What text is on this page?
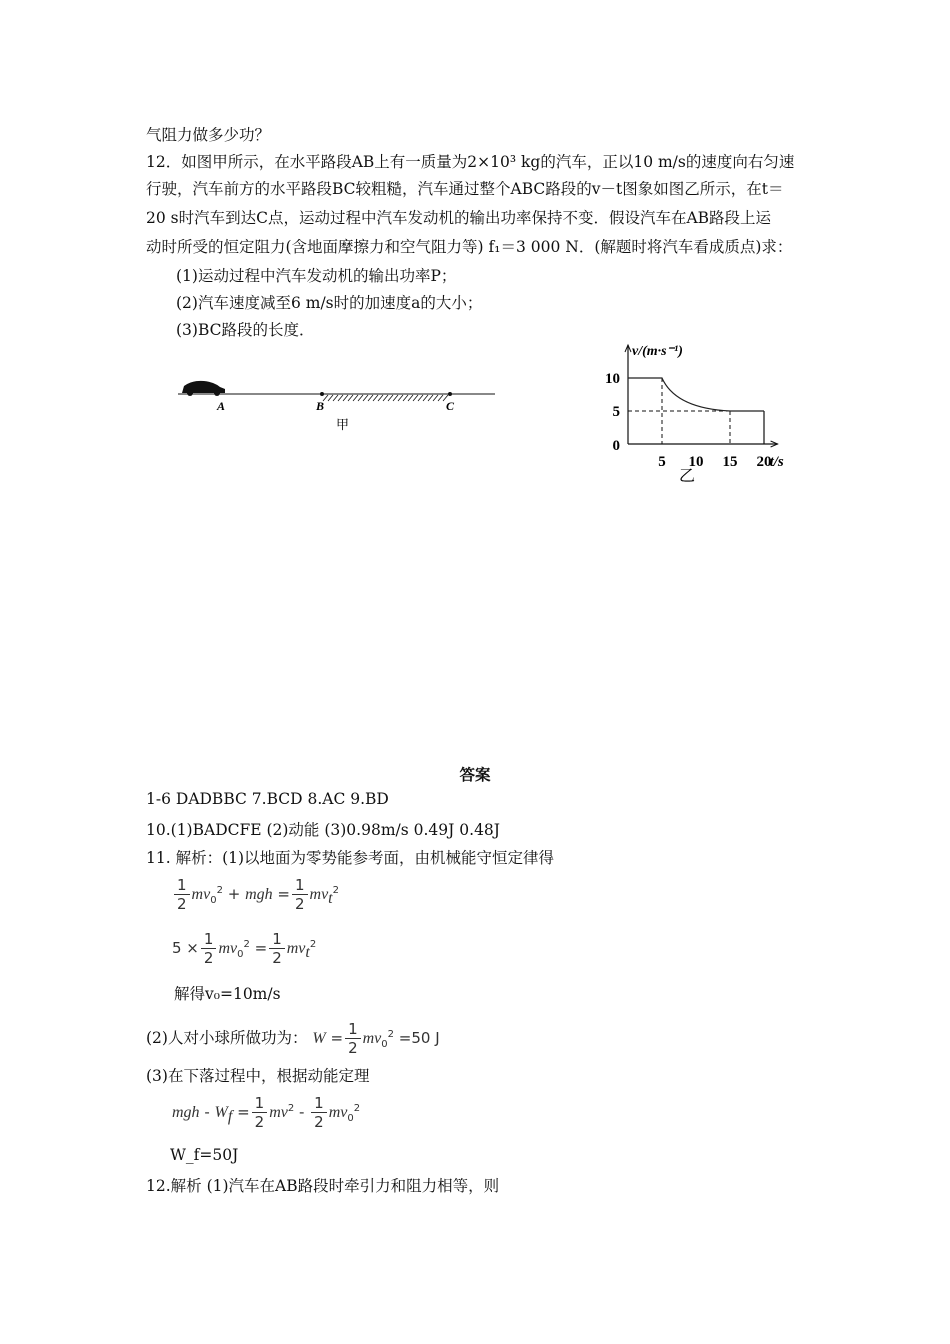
气阻力做多少功？
12．如图甲所示，在水平路段AB上有一质量为2×10³ kg的汽车，正以10 m/s的速度向右匀速
行驶，汽车前方的水平路段BC较粗糙，汽车通过整个ABC路段的v－t图象如图乙所示，在t＝
20 s时汽车到达C点，运动过程中汽车发动机的输出功率保持不变．假设汽车在AB路段上运
动时所受的恒定阻力(含地面摩擦力和空气阻力等) f₁＝3 000 N．(解题时将汽车看成质点)求：
(1)运动过程中汽车发动机的输出功率P；
(2)汽车速度减至6 m/s时的加速度a的大小；
(3)BC路段的长度．
A	B	C
甲
v/(m·s⁻¹)
t/s
5 10 15 20
0
5
10
乙
答案
1-6 DADBBC 7.BCD 8.AC 9.BD
10.(1)BADCFE (2)动能 (3)0.98m/s 0.49J 0.48J
11. 解析：(1)以地面为零势能参考面，由机械能守恒定律得
$\frac{1}{2} mv_0^2$ + mgh = $\frac{1}{2} mv_t^2$
$5 \times \frac{1}{2} mv_0^2 = \frac{1}{2} mv_t^2$
解得v₀=10m/s
(2)人对小球所做功为： $W = \frac{1}{2} mv_0^2 =50$ J
(3)在下落过程中，根据动能定理
mgh - $W_f = \frac{1}{2} mv^2 - \frac{1}{2} mv_0^2$
W_f=50J
12.解析 (1)汽车在AB路段时牵引力和阻力相等，则
